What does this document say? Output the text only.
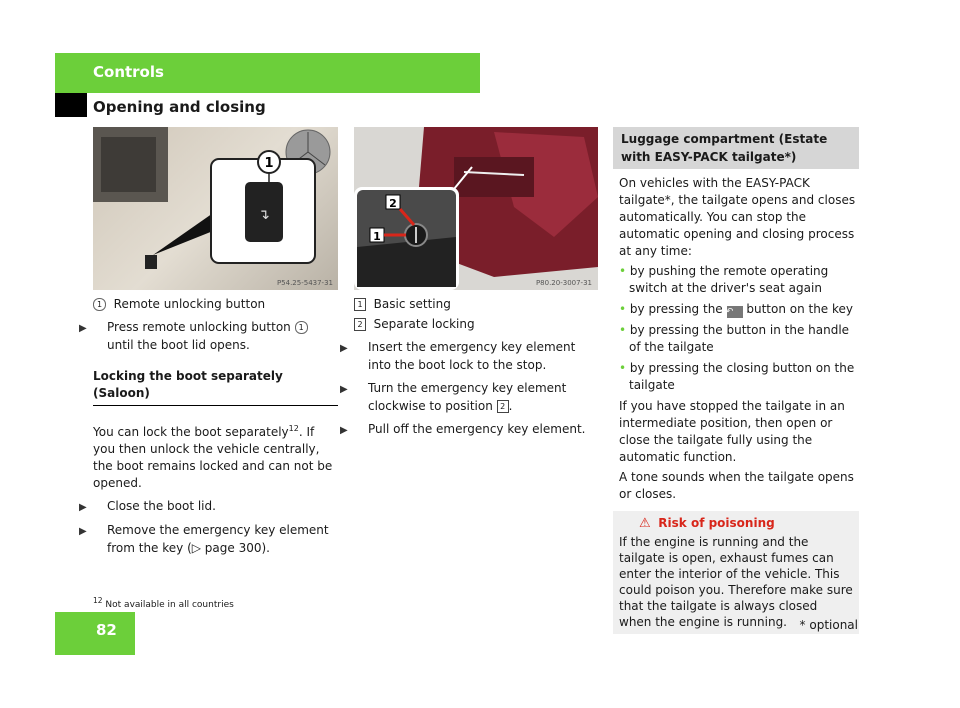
Controls
Opening and closing
↴
1
P54.25-5437-31

1 Remote unlocking button

▶ Press remote unlocking button 1 until the boot lid opens.

Locking the boot separately (Saloon)

You can lock the boot separately$^{12}$. If you then unlock the vehicle centrally, the boot remains locked and can not be opened.

▶ Close the boot lid.

▶ Remove the emergency key element from the key (▷ page 300).

2
1
P80.20-3007-31

1 Basic setting

2 Separate locking

▶ Insert the emergency key element into the boot lock to the stop.

▶ Turn the emergency key element clockwise to position 2 .

▶ Pull off the emergency key element.

Luggage compartment (Estate with EASY-PACK tailgate*)

On vehicles with the EASY-PACK tailgate*, the tailgate opens and closes automatically. You can stop the automatic opening and closing process at any time:

• by pushing the remote operating switch at the driver's seat again

• by pressing the ↶ button on the key

• by pressing the button in the handle of the tailgate

• by pressing the closing button on the tailgate

If you have stopped the tailgate in an intermediate position, then open or close the tailgate fully using the automatic function.

A tone sounds when the tailgate opens or closes.

⚠ Risk of poisoning
If the engine is running and the tailgate is open, exhaust fumes can enter the interior of the vehicle. This could poison you. Therefore make sure that the tailgate is always closed when the engine is running.
$^{12}$ Not available in all countries
82	* optional
